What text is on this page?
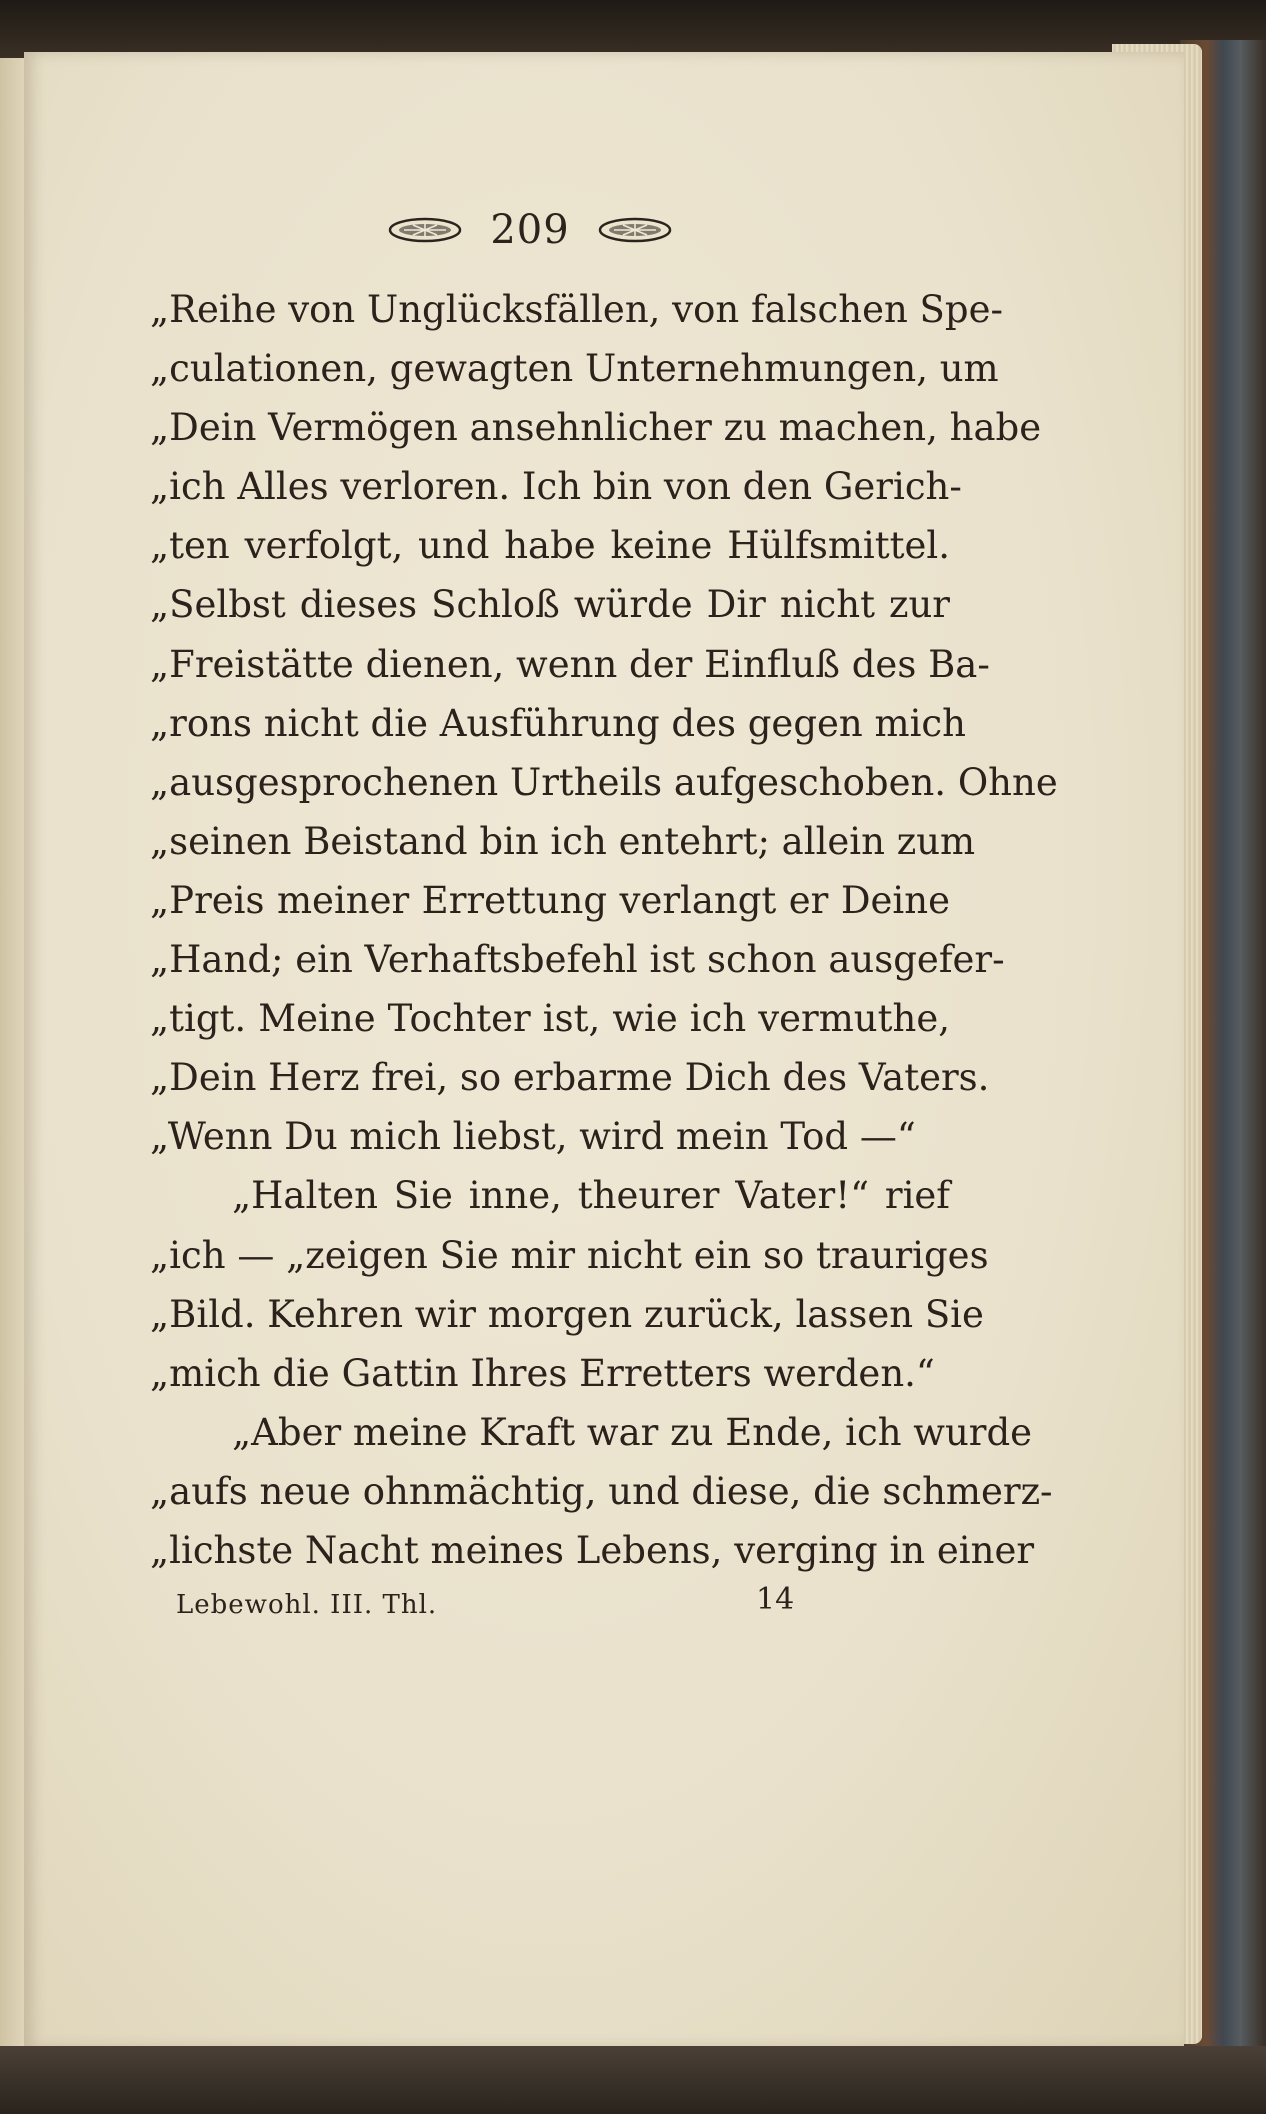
209
„Reihe von Unglücksfällen, von falschen Spe-
„culationen, gewagten Unternehmungen, um
„Dein Vermögen ansehnlicher zu machen, habe
„ich Alles verloren. Ich bin von den Gerich-
„ten verfolgt, und habe keine Hülfsmittel.
„Selbst dieses Schloß würde Dir nicht zur
„Freistätte dienen, wenn der Einfluß des Ba-
„rons nicht die Ausführung des gegen mich
„ausgesprochenen Urtheils aufgeschoben. Ohne
„seinen Beistand bin ich entehrt; allein zum
„Preis meiner Errettung verlangt er Deine
„Hand; ein Verhaftsbefehl ist schon ausgefer-
„tigt. Meine Tochter ist, wie ich vermuthe,
„Dein Herz frei, so erbarme Dich des Vaters.
„Wenn Du mich liebst, wird mein Tod —“
„Halten Sie inne, theurer Vater!“ rief
„ich — „zeigen Sie mir nicht ein so trauriges
„Bild. Kehren wir morgen zurück, lassen Sie
„mich die Gattin Ihres Erretters werden.“
„Aber meine Kraft war zu Ende, ich wurde
„aufs neue ohnmächtig, und diese, die schmerz-
„lichste Nacht meines Lebens, verging in einer
Lebewohl. III. Thl.	14
